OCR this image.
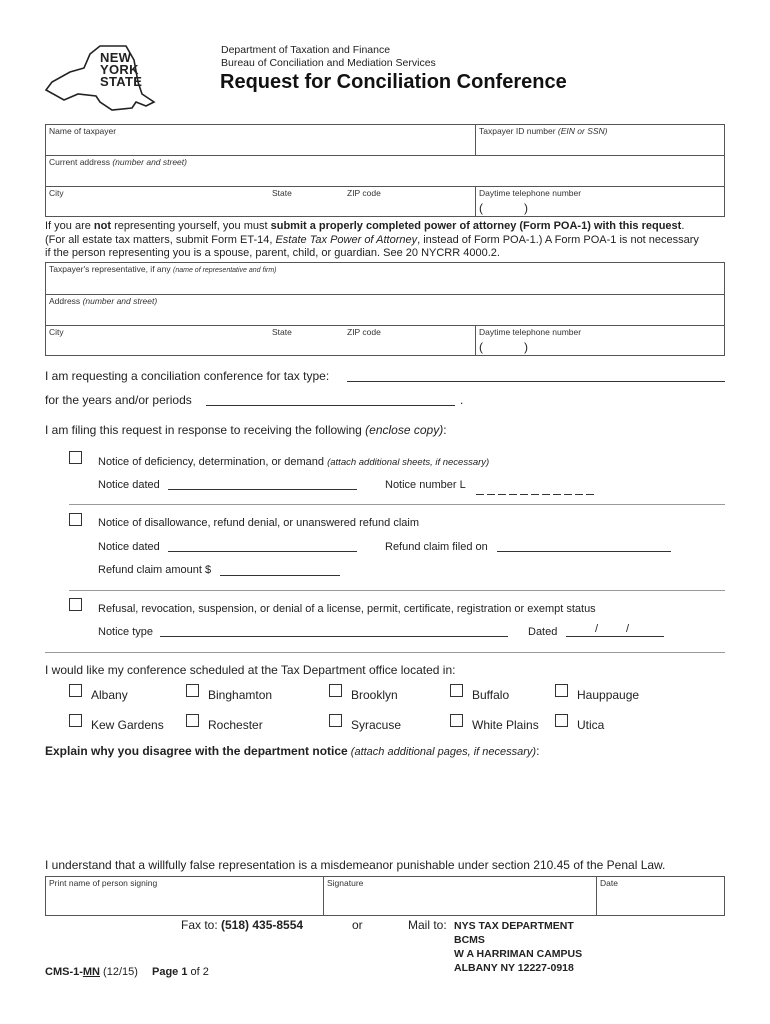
NEW
YORK
STATE
Department of Taxation and Finance
Bureau of Conciliation and Mediation Services
Request for Conciliation Conference
Name of taxpayer	Taxpayer ID number (EIN or SSN)
Current address (number and street)
City	State	ZIP code	Daytime telephone number
(	)
If you are not representing yourself, you must submit a properly completed power of attorney (Form POA-1) with this request.
(For all estate tax matters, submit Form ET-14, Estate Tax Power of Attorney, instead of Form POA-1.) A Form POA-1 is not necessary
if the person representing you is a spouse, parent, child, or guardian. See 20 NYCRR 4000.2.
Taxpayer's representative, if any (name of representative and firm)
Address (number and street)
City	State	ZIP code	Daytime telephone number
(	)
I am requesting a conciliation conference for tax type:
for the years and/or periods	.
I am filing this request in response to receiving the following (enclose copy):
Notice of deficiency, determination, or demand (attach additional sheets, if necessary)
Notice dated	Notice number L
Notice of disallowance, refund denial, or unanswered refund claim
Notice dated	Refund claim filed on
Refund claim amount $
Refusal, revocation, suspension, or denial of a license, permit, certificate, registration or exempt status
Notice type	Dated	/	/
I would like my conference scheduled at the Tax Department office located in:
Albany	Binghamton	Brooklyn	Buffalo	Hauppauge
Kew Gardens	Rochester	Syracuse	White Plains	Utica
Explain why you disagree with the department notice (attach additional pages, if necessary):
I understand that a willfully false representation is a misdemeanor punishable under section 210.45 of the Penal Law.
Print name of person signing	Signature	Date
Fax to: (518) 435-8554	or	Mail to: NYS TAX DEPARTMENT
BCMS
W A HARRIMAN CAMPUS
ALBANY NY 12227-0918
CMS-1-MN (12/15) Page 1 of 2
